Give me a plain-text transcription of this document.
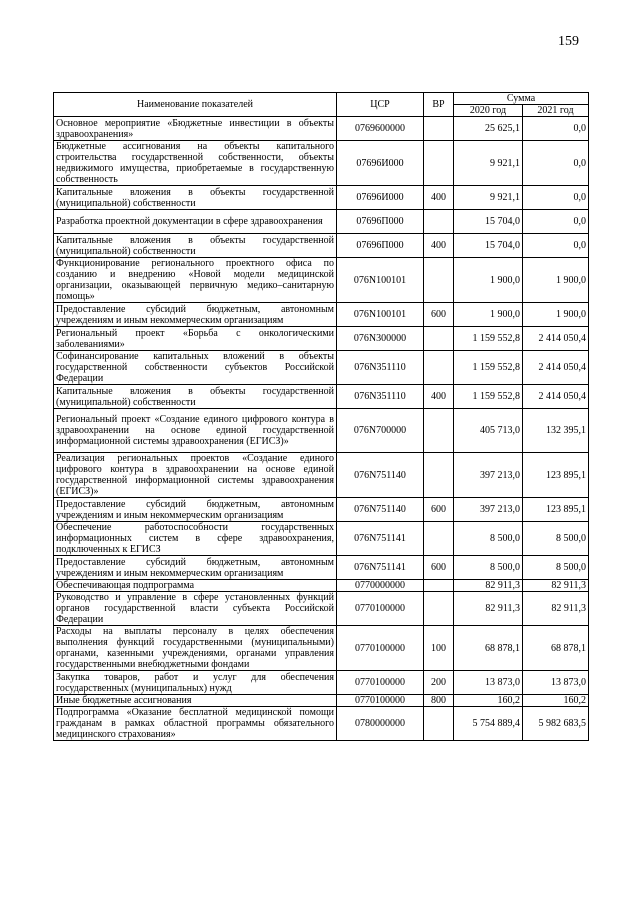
159
Наименование показателей	ЦСР	ВР	Сумма	
			2020 год	2021 год
Основное мероприятие «Бюджетные инвестиции в объекты здравоохранения»	0769600000		25 625,1	0,0
Бюджетные ассигнования на объекты капитального строительства государственной собственности, объекты недвижимого имущества, приобретаемые в государственную собственность	07696И000		9 921,1	0,0
Капитальные вложения в объекты государственной (муниципальной) собственности	07696И000	400	9 921,1	0,0
Разработка проектной документации в сфере здравоохранения	07696П000		15 704,0	0,0
Капитальные вложения в объекты государственной (муниципальной) собственности	07696П000	400	15 704,0	0,0
Функционирование регионального проектного офиса по созданию и внедрению «Новой модели медицинской организации, оказывающей первичную медико–санитарную помощь»	076N100101		1 900,0	1 900,0
Предоставление субсидий бюджетным, автономным учреждениям и иным некоммерческим организациям	076N100101	600	1 900,0	1 900,0
Региональный проект «Борьба с онкологическими заболеваниями»	076N300000		1 159 552,8	2 414 050,4
Софинансирование капитальных вложений в объекты государственной собственности субъектов Российской Федерации	076N351110		1 159 552,8	2 414 050,4
Капитальные вложения в объекты государственной (муниципальной) собственности	076N351110	400	1 159 552,8	2 414 050,4
Региональный проект «Создание единого цифрового контура в здравоохранении на основе единой государственной информационной системы здравоохранения (ЕГИСЗ)»	076N700000		405 713,0	132 395,1
Реализация региональных проектов «Создание единого цифрового контура в здравоохранении на основе единой государственной информационной системы здравоохранения (ЕГИСЗ)»	076N751140		397 213,0	123 895,1
Предоставление субсидий бюджетным, автономным учреждениям и иным некоммерческим организациям	076N751140	600	397 213,0	123 895,1
Обеспечение работоспособности государственных информационных систем в сфере здравоохранения, подключенных к ЕГИСЗ	076N751141		8 500,0	8 500,0
Предоставление субсидий бюджетным, автономным учреждениям и иным некоммерческим организациям	076N751141	600	8 500,0	8 500,0
Обеспечивающая подпрограмма	0770000000		82 911,3	82 911,3
Руководство и управление в сфере установленных функций органов государственной власти субъекта Российской Федерации	0770100000		82 911,3	82 911,3
Расходы на выплаты персоналу в целях обеспечения выполнения функций государственными (муниципальными) органами, казенными учреждениями, органами управления государственными внебюджетными фондами	0770100000	100	68 878,1	68 878,1
Закупка товаров, работ и услуг для обеспечения государственных (муниципальных) нужд	0770100000	200	13 873,0	13 873,0
Иные бюджетные ассигнования	0770100000	800	160,2	160,2
Подпрограмма «Оказание бесплатной медицинской помощи гражданам в рамках областной программы обязательного медицинского страхования»	0780000000		5 754 889,4	5 982 683,5
